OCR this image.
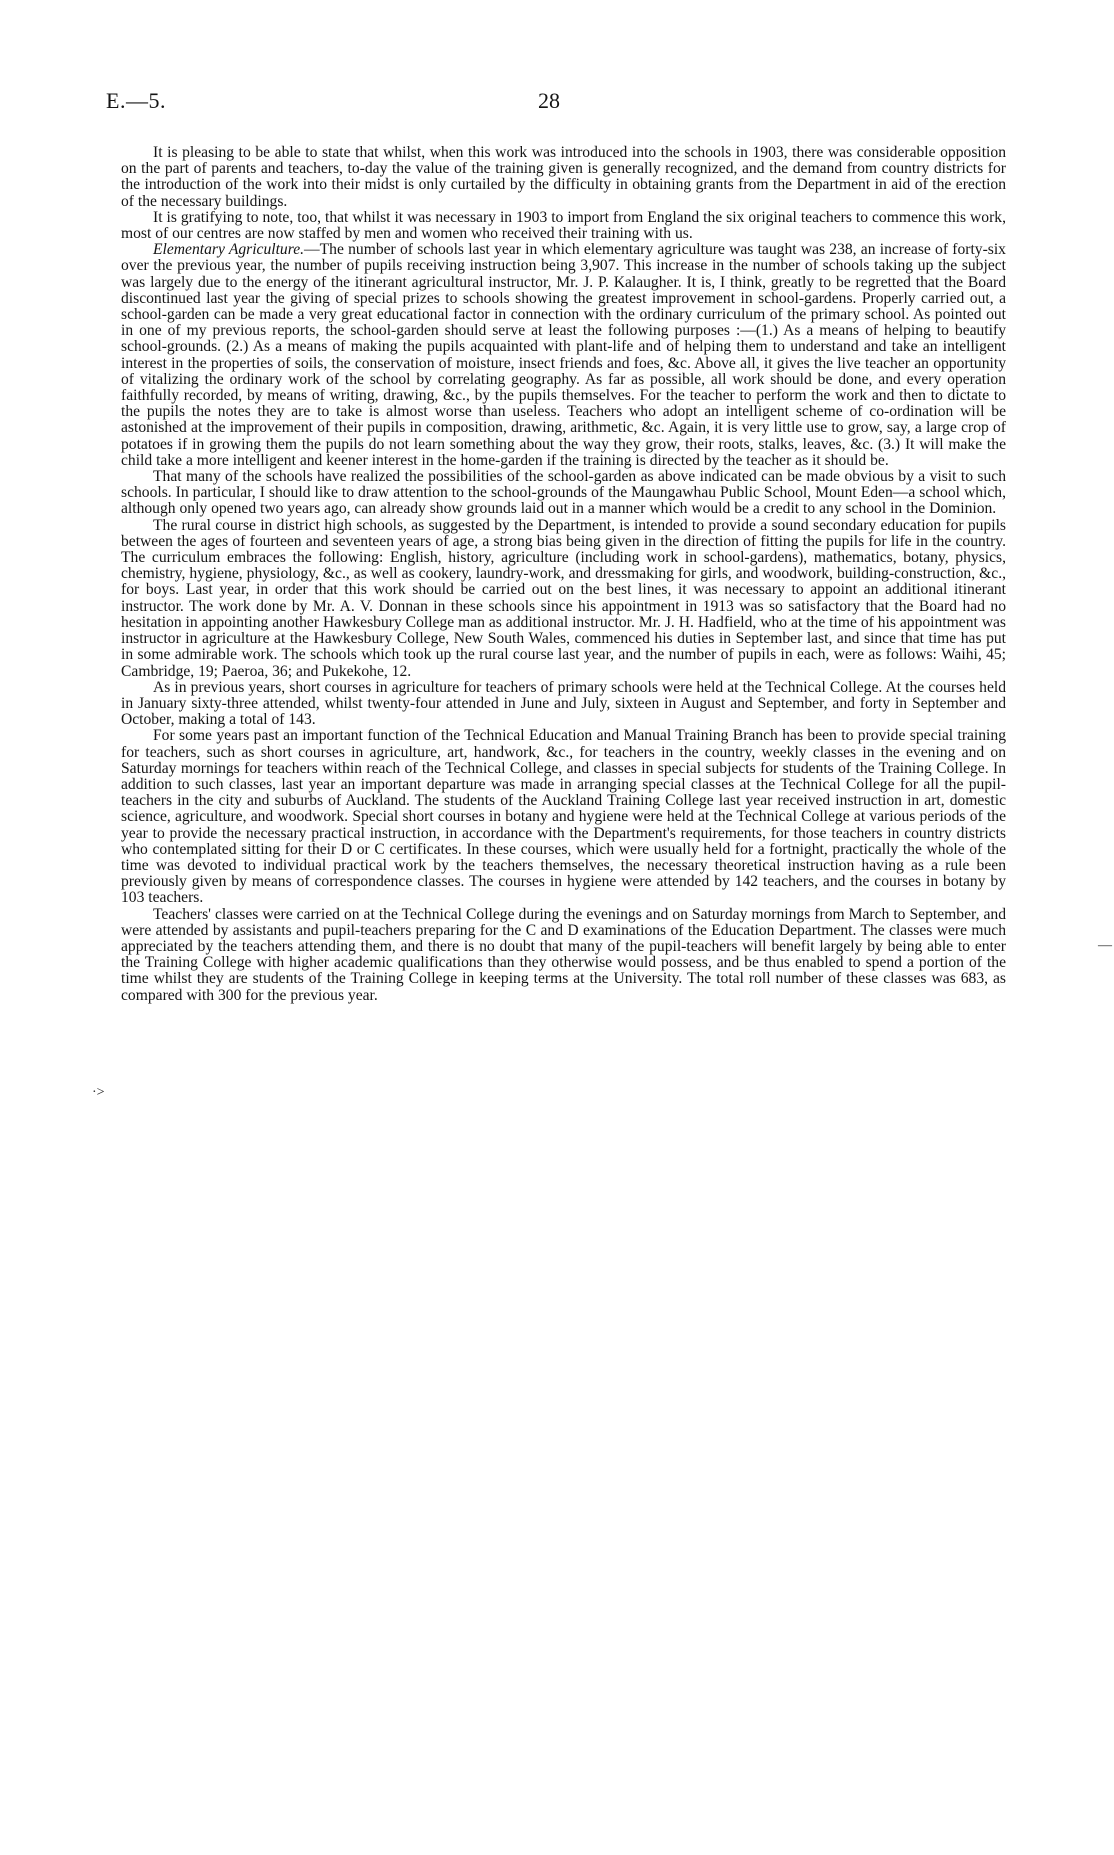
E.—5.	28

It is pleasing to be able to state that whilst, when this work was introduced into the schools in 1903, there was considerable opposition on the part of parents and teachers, to-day the value of the training given is generally recognized, and the demand from country districts for the introduction of the work into their midst is only curtailed by the difficulty in obtaining grants from the Department in aid of the erection of the necessary buildings.

It is gratifying to note, too, that whilst it was necessary in 1903 to import from England the six original teachers to commence this work, most of our centres are now staffed by men and women who received their training with us.

Elementary Agriculture.—The number of schools last year in which elementary agriculture was taught was 238, an increase of forty-six over the previous year, the number of pupils receiving instruction being 3,907. This increase in the number of schools taking up the subject was largely due to the energy of the itinerant agricultural instructor, Mr. J. P. Kalaugher. It is, I think, greatly to be regretted that the Board discontinued last year the giving of special prizes to schools showing the greatest improvement in school-gardens. Properly carried out, a school-garden can be made a very great educational factor in connection with the ordinary curriculum of the primary school. As pointed out in one of my previous reports, the school-garden should serve at least the following purposes :—(1.) As a means of helping to beautify school-grounds. (2.) As a means of making the pupils acquainted with plant-life and of helping them to understand and take an intelligent interest in the properties of soils, the conservation of moisture, insect friends and foes, &c. Above all, it gives the live teacher an opportunity of vitalizing the ordinary work of the school by correlating geography. As far as possible, all work should be done, and every operation faithfully recorded, by means of writing, drawing, &c., by the pupils themselves. For the teacher to perform the work and then to dictate to the pupils the notes they are to take is almost worse than useless. Teachers who adopt an intelligent scheme of co-ordination will be astonished at the improvement of their pupils in composition, drawing, arithmetic, &c. Again, it is very little use to grow, say, a large crop of potatoes if in growing them the pupils do not learn something about the way they grow, their roots, stalks, leaves, &c. (3.) It will make the child take a more intelligent and keener interest in the home-garden if the training is directed by the teacher as it should be.

That many of the schools have realized the possibilities of the school-garden as above indicated can be made obvious by a visit to such schools. In particular, I should like to draw attention to the school-grounds of the Maungawhau Public School, Mount Eden—a school which, although only opened two years ago, can already show grounds laid out in a manner which would be a credit to any school in the Dominion.

The rural course in district high schools, as suggested by the Department, is intended to provide a sound secondary education for pupils between the ages of fourteen and seventeen years of age, a strong bias being given in the direction of fitting the pupils for life in the country. The curriculum embraces the following: English, history, agriculture (including work in school-gardens), mathematics, botany, physics, chemistry, hygiene, physiology, &c., as well as cookery, laundry-work, and dressmaking for girls, and woodwork, building-construction, &c., for boys. Last year, in order that this work should be carried out on the best lines, it was necessary to appoint an additional itinerant instructor. The work done by Mr. A. V. Donnan in these schools since his appointment in 1913 was so satisfactory that the Board had no hesitation in appointing another Hawkesbury College man as additional instructor. Mr. J. H. Hadfield, who at the time of his appointment was instructor in agriculture at the Hawkesbury College, New South Wales, commenced his duties in September last, and since that time has put in some admirable work. The schools which took up the rural course last year, and the number of pupils in each, were as follows: Waihi, 45; Cambridge, 19; Paeroa, 36; and Pukekohe, 12.

As in previous years, short courses in agriculture for teachers of primary schools were held at the Technical College. At the courses held in January sixty-three attended, whilst twenty-four attended in June and July, sixteen in August and September, and forty in September and October, making a total of 143.

For some years past an important function of the Technical Education and Manual Training Branch has been to provide special training for teachers, such as short courses in agriculture, art, handwork, &c., for teachers in the country, weekly classes in the evening and on Saturday mornings for teachers within reach of the Technical College, and classes in special subjects for students of the Training College. In addition to such classes, last year an important departure was made in arranging special classes at the Technical College for all the pupil-teachers in the city and suburbs of Auckland. The students of the Auckland Training College last year received instruction in art, domestic science, agriculture, and woodwork. Special short courses in botany and hygiene were held at the Technical College at various periods of the year to provide the necessary practical instruction, in accordance with the Department's requirements, for those teachers in country districts who contemplated sitting for their D or C certificates. In these courses, which were usually held for a fortnight, practically the whole of the time was devoted to individual practical work by the teachers themselves, the necessary theoretical instruction having as a rule been previously given by means of correspondence classes. The courses in hygiene were attended by 142 teachers, and the courses in botany by 103 teachers.

Teachers' classes were carried on at the Technical College during the evenings and on Saturday mornings from March to September, and were attended by assistants and pupil-teachers preparing for the C and D examinations of the Education Department. The classes were much appreciated by the teachers attending them, and there is no doubt that many of the pupil-teachers will benefit largely by being able to enter the Training College with higher academic qualifications than they otherwise would possess, and be thus enabled to spend a portion of the time whilst they are students of the Training College in keeping terms at the University. The total roll number of these classes was 683, as compared with 300 for the previous year.

—
·>
